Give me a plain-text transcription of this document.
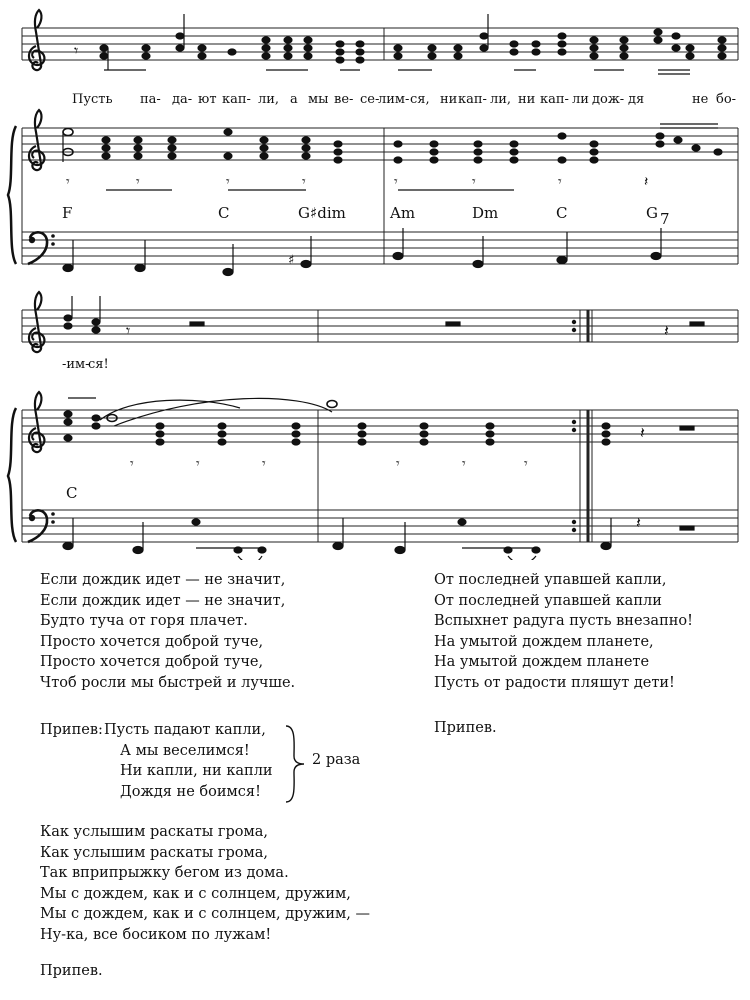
𝄾
Пусть па- да- ют кап- ли, а мы ве- се-
лим- ся, ни кап- ли, ни кап- ли дож- дя	не бо-
𝄾	𝄾	𝄾	𝄾	𝄾	𝄾	𝄾	𝄽
F	C	G♯dim	Am	Dm	C	G 7
♯
𝄾	𝄽
-им-
ся!
𝄾	𝄾	𝄾	𝄾	𝄾	𝄾
𝄽
C
𝄽
Если дождик идет — не значит,
Если дождик идет — не значит,
Будто туча от горя плачет.
Просто хочется доброй туче,
Просто хочется доброй туче,
Чтоб росли мы быстрей и лучше.
От последней упавшей капли,
От последней упавшей капли
Вспыхнет радуга пусть внезапно!
На умытой дождем планете,
На умытой дождем планете
Пусть от радости пляшут дети!
Припев: Пусть падают капли,
А мы веселимся!
Ни капли, ни капли
Дождя не боимся!
2 раза
Припев.
Как услышим раскаты грома,
Как услышим раскаты грома,
Так вприпрыжку бегом из дома.
Мы с дождем, как и с солнцем, дружим,
Мы с дождем, как и с солнцем, дружим, —
Ну-ка, все босиком по лужам!
Припев.
